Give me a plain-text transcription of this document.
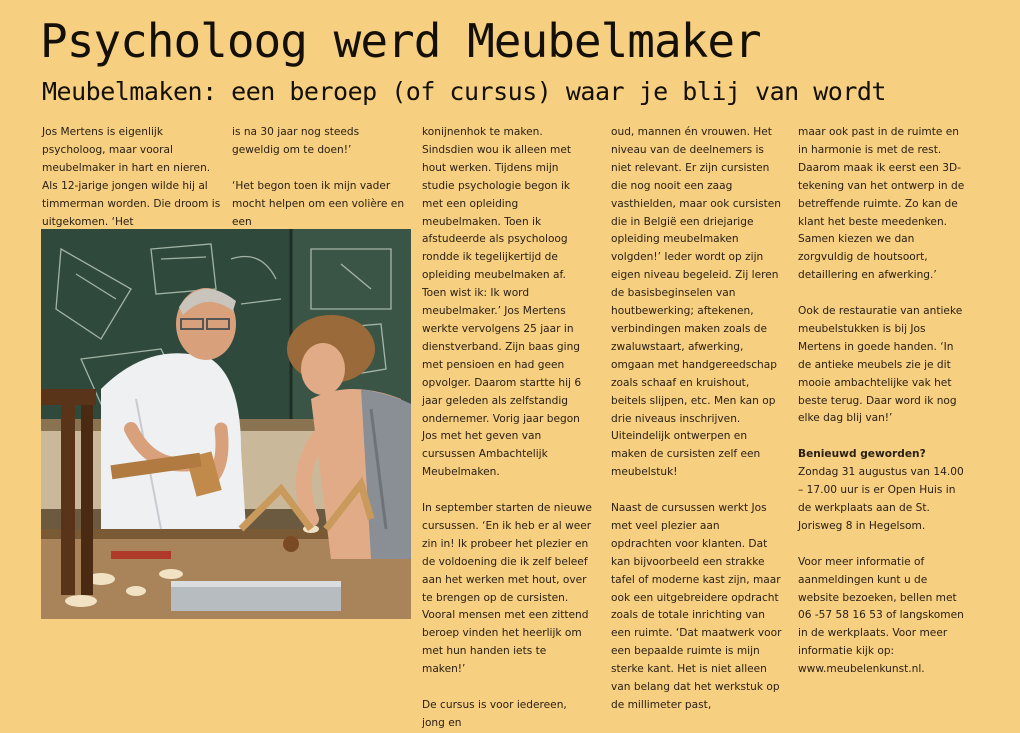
Psycholoog werd Meubelmaker
Meubelmaken: een beroep (of cursus) waar je blij van wordt

Jos Mertens is eigenlijk psycholoog, maar vooral meubelmaker in hart en nieren. Als 12-jarige jongen wilde hij al timmerman worden. Die droom is uitgekomen. ‘Het

is na 30 jaar nog steeds geweldig om te doen!’

‘Het begon toen ik mijn vader mocht helpen om een volière en een

konijnenhok te maken. Sindsdien wou ik alleen met hout werken. Tijdens mijn studie psychologie begon ik met een opleiding meubelmaken. Toen ik afstudeerde als psycholoog rondde ik tegelijkertijd de opleiding meubelmaken af. Toen wist ik: Ik word meubelmaker.’ Jos Mertens werkte vervolgens 25 jaar in dienstverband. Zijn baas ging met pensioen en had geen opvolger. Daarom startte hij 6 jaar geleden als zelfstandig ondernemer. Vorig jaar begon Jos met het geven van cursussen Ambachtelijk Meubelmaken.

In september starten de nieuwe cursussen. ‘En ik heb er al weer zin in! Ik probeer het plezier en de voldoening die ik zelf beleef aan het werken met hout, over te brengen op de cursisten. Vooral mensen met een zittend beroep vinden het heerlijk om met hun handen iets te maken!’

De cursus is voor iedereen, jong en

oud, mannen én vrouwen. Het niveau van de deelnemers is niet relevant. Er zijn cursisten die nog nooit een zaag vasthielden, maar ook cursisten die in België een driejarige opleiding meubelmaken volgden!’ Ieder wordt op zijn eigen niveau begeleid. Zij leren de basisbeginselen van houtbewerking; aftekenen, verbindingen maken zoals de zwaluwstaart, afwerking, omgaan met handgereedschap zoals schaaf en kruishout, beitels slijpen, etc. Men kan op drie niveaus inschrijven. Uiteindelijk ontwerpen en maken de cursisten zelf een meubelstuk!

Naast de cursussen werkt Jos met veel plezier aan opdrachten voor klanten. Dat kan bijvoorbeeld een strakke tafel of moderne kast zijn, maar ook een uitgebreidere opdracht zoals de totale inrichting van een ruimte. ‘Dat maatwerk voor een bepaalde ruimte is mijn sterke kant. Het is niet alleen van belang dat het werkstuk op de millimeter past,

maar ook past in de ruimte en in harmonie is met de rest. Daarom maak ik eerst een 3D-tekening van het ontwerp in de betreffende ruimte. Zo kan de klant het beste meedenken. Samen kiezen we dan zorgvuldig de houtsoort, detaillering en afwerking.’

Ook de restauratie van antieke meubelstukken is bij Jos Mertens in goede handen. ‘In de antieke meubels zie je dit mooie ambachtelijke vak het beste terug. Daar word ik nog elke dag blij van!’

Benieuwd geworden?
Zondag 31 augustus van 14.00 – 17.00 uur is er Open Huis in de werkplaats aan de St. Jorisweg 8 in Hegelsom.

Voor meer informatie of aanmeldingen kunt u de website bezoeken, bellen met 06 -57 58 16 53 of langskomen in de werkplaats. Voor meer informatie kijk op: www.meubelenkunst.nl.
